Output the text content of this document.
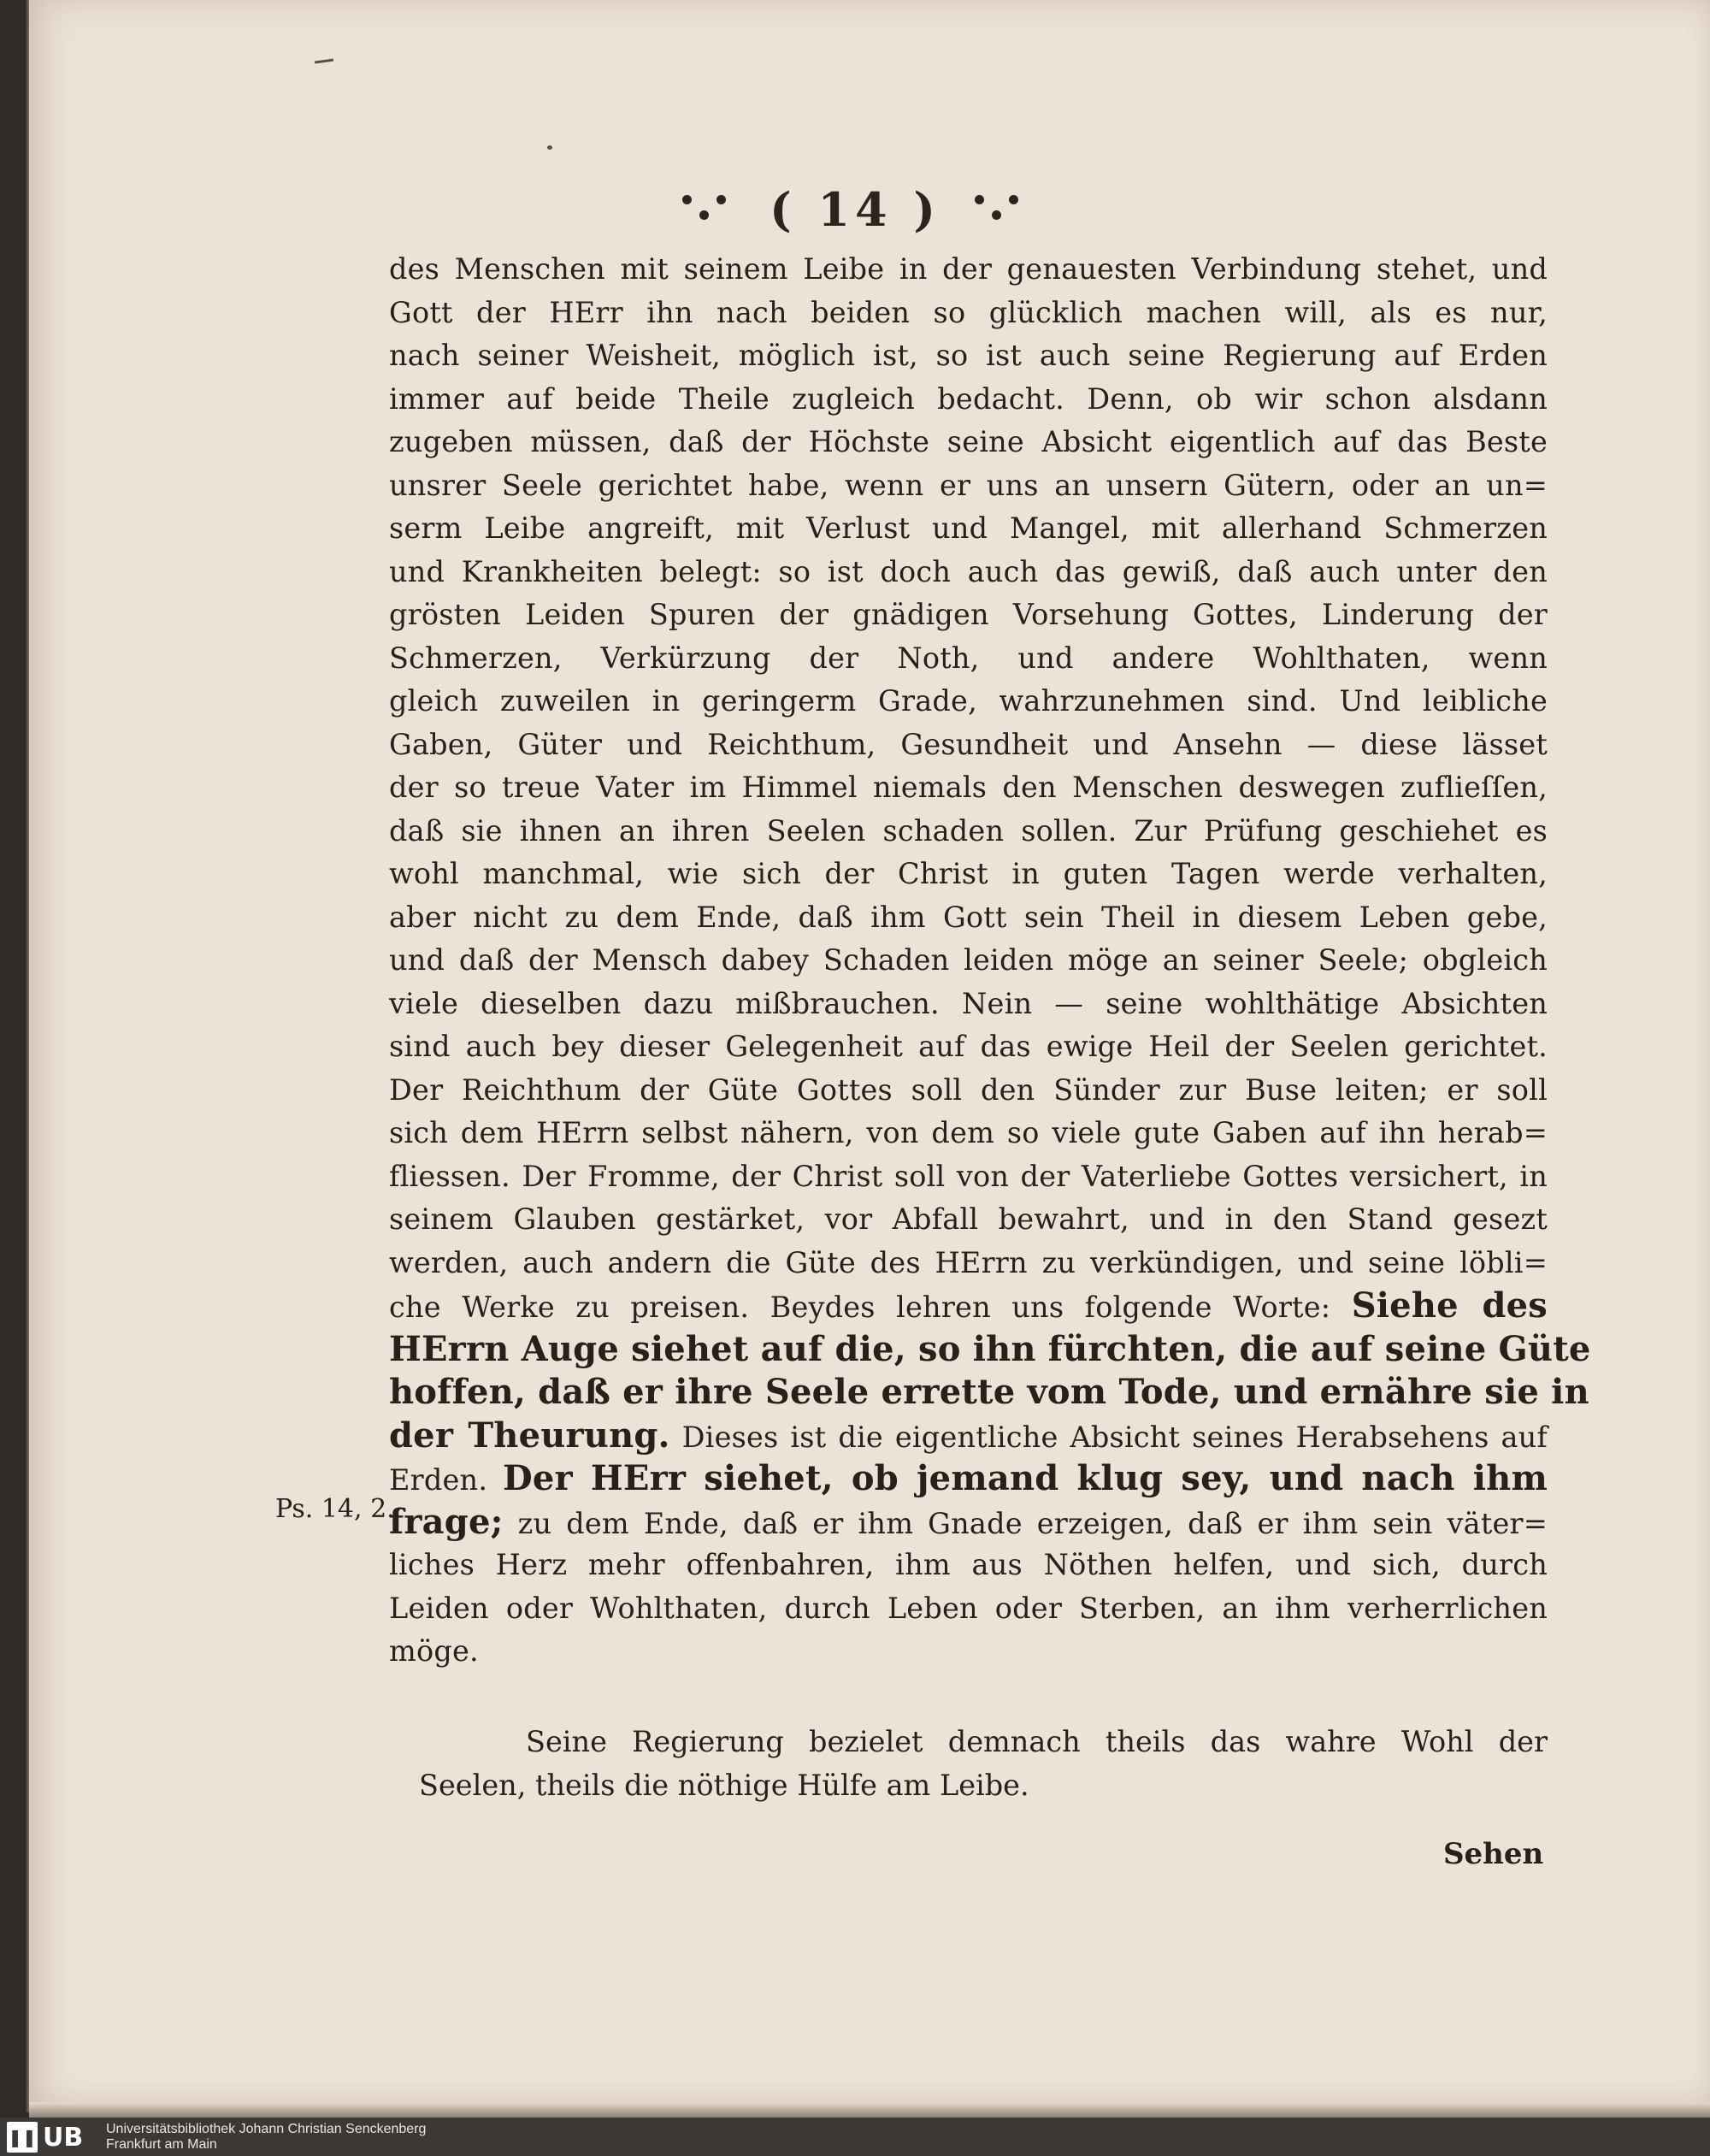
( 14 )
des Menschen mit seinem Leibe in der genauesten Verbindung stehet, und
Gott der HErr ihn nach beiden so glücklich machen will, als es nur,
nach seiner Weisheit, möglich ist, so ist auch seine Regierung auf Erden
immer auf beide Theile zugleich bedacht. Denn, ob wir schon alsdann
zugeben müssen, daß der Höchste seine Absicht eigentlich auf das Beste
unsrer Seele gerichtet habe, wenn er uns an unsern Gütern, oder an un=
serm Leibe angreift, mit Verlust und Mangel, mit allerhand Schmerzen
und Krankheiten belegt: so ist doch auch das gewiß, daß auch unter den
grösten Leiden Spuren der gnädigen Vorsehung Gottes, Linderung der
Schmerzen, Verkürzung der Noth, und andere Wohlthaten, wenn
gleich zuweilen in geringerm Grade, wahrzunehmen sind. Und leibliche
Gaben, Güter und Reichthum, Gesundheit und Ansehn — diese lässet
der so treue Vater im Himmel niemals den Menschen deswegen zuflieſſen,
daß sie ihnen an ihren Seelen schaden sollen. Zur Prüfung geschiehet es
wohl manchmal, wie sich der Christ in guten Tagen werde verhalten,
aber nicht zu dem Ende, daß ihm Gott sein Theil in diesem Leben gebe,
und daß der Mensch dabey Schaden leiden möge an seiner Seele; obgleich
viele dieselben dazu mißbrauchen. Nein — seine wohlthätige Absichten
sind auch bey dieser Gelegenheit auf das ewige Heil der Seelen gerichtet.
Der Reichthum der Güte Gottes soll den Sünder zur Buse leiten; er soll
sich dem HErrn selbst nähern, von dem so viele gute Gaben auf ihn herab=
fliessen. Der Fromme, der Christ soll von der Vaterliebe Gottes versichert, in
seinem Glauben gestärket, vor Abfall bewahrt, und in den Stand gesezt
werden, auch andern die Güte des HErrn zu verkündigen, und seine löbli=
che Werke zu preisen. Beydes lehren uns folgende Worte: Siehe des
HErrn Auge siehet auf die, so ihn fürchten, die auf seine Güte
hoffen, daß er ihre Seele errette vom Tode, und ernähre sie in
der Theurung. Dieses ist die eigentliche Absicht seines Herabsehens auf
Erden. Der HErr siehet, ob jemand klug sey, und nach ihm
frage; zu dem Ende, daß er ihm Gnade erzeigen, daß er ihm sein väter=
liches Herz mehr offenbahren, ihm aus Nöthen helfen, und sich, durch
Leiden oder Wohlthaten, durch Leben oder Sterben, an ihm verherrlichen
möge.
Ps. 14, 2.
Seine Regierung bezielet demnach theils das wahre Wohl der
Seelen, theils die nöthige Hülfe am Leibe.
Sehen
❚❚ UB Universitätsbibliothek Johann Christian Senckenberg
Frankfurt am Main
